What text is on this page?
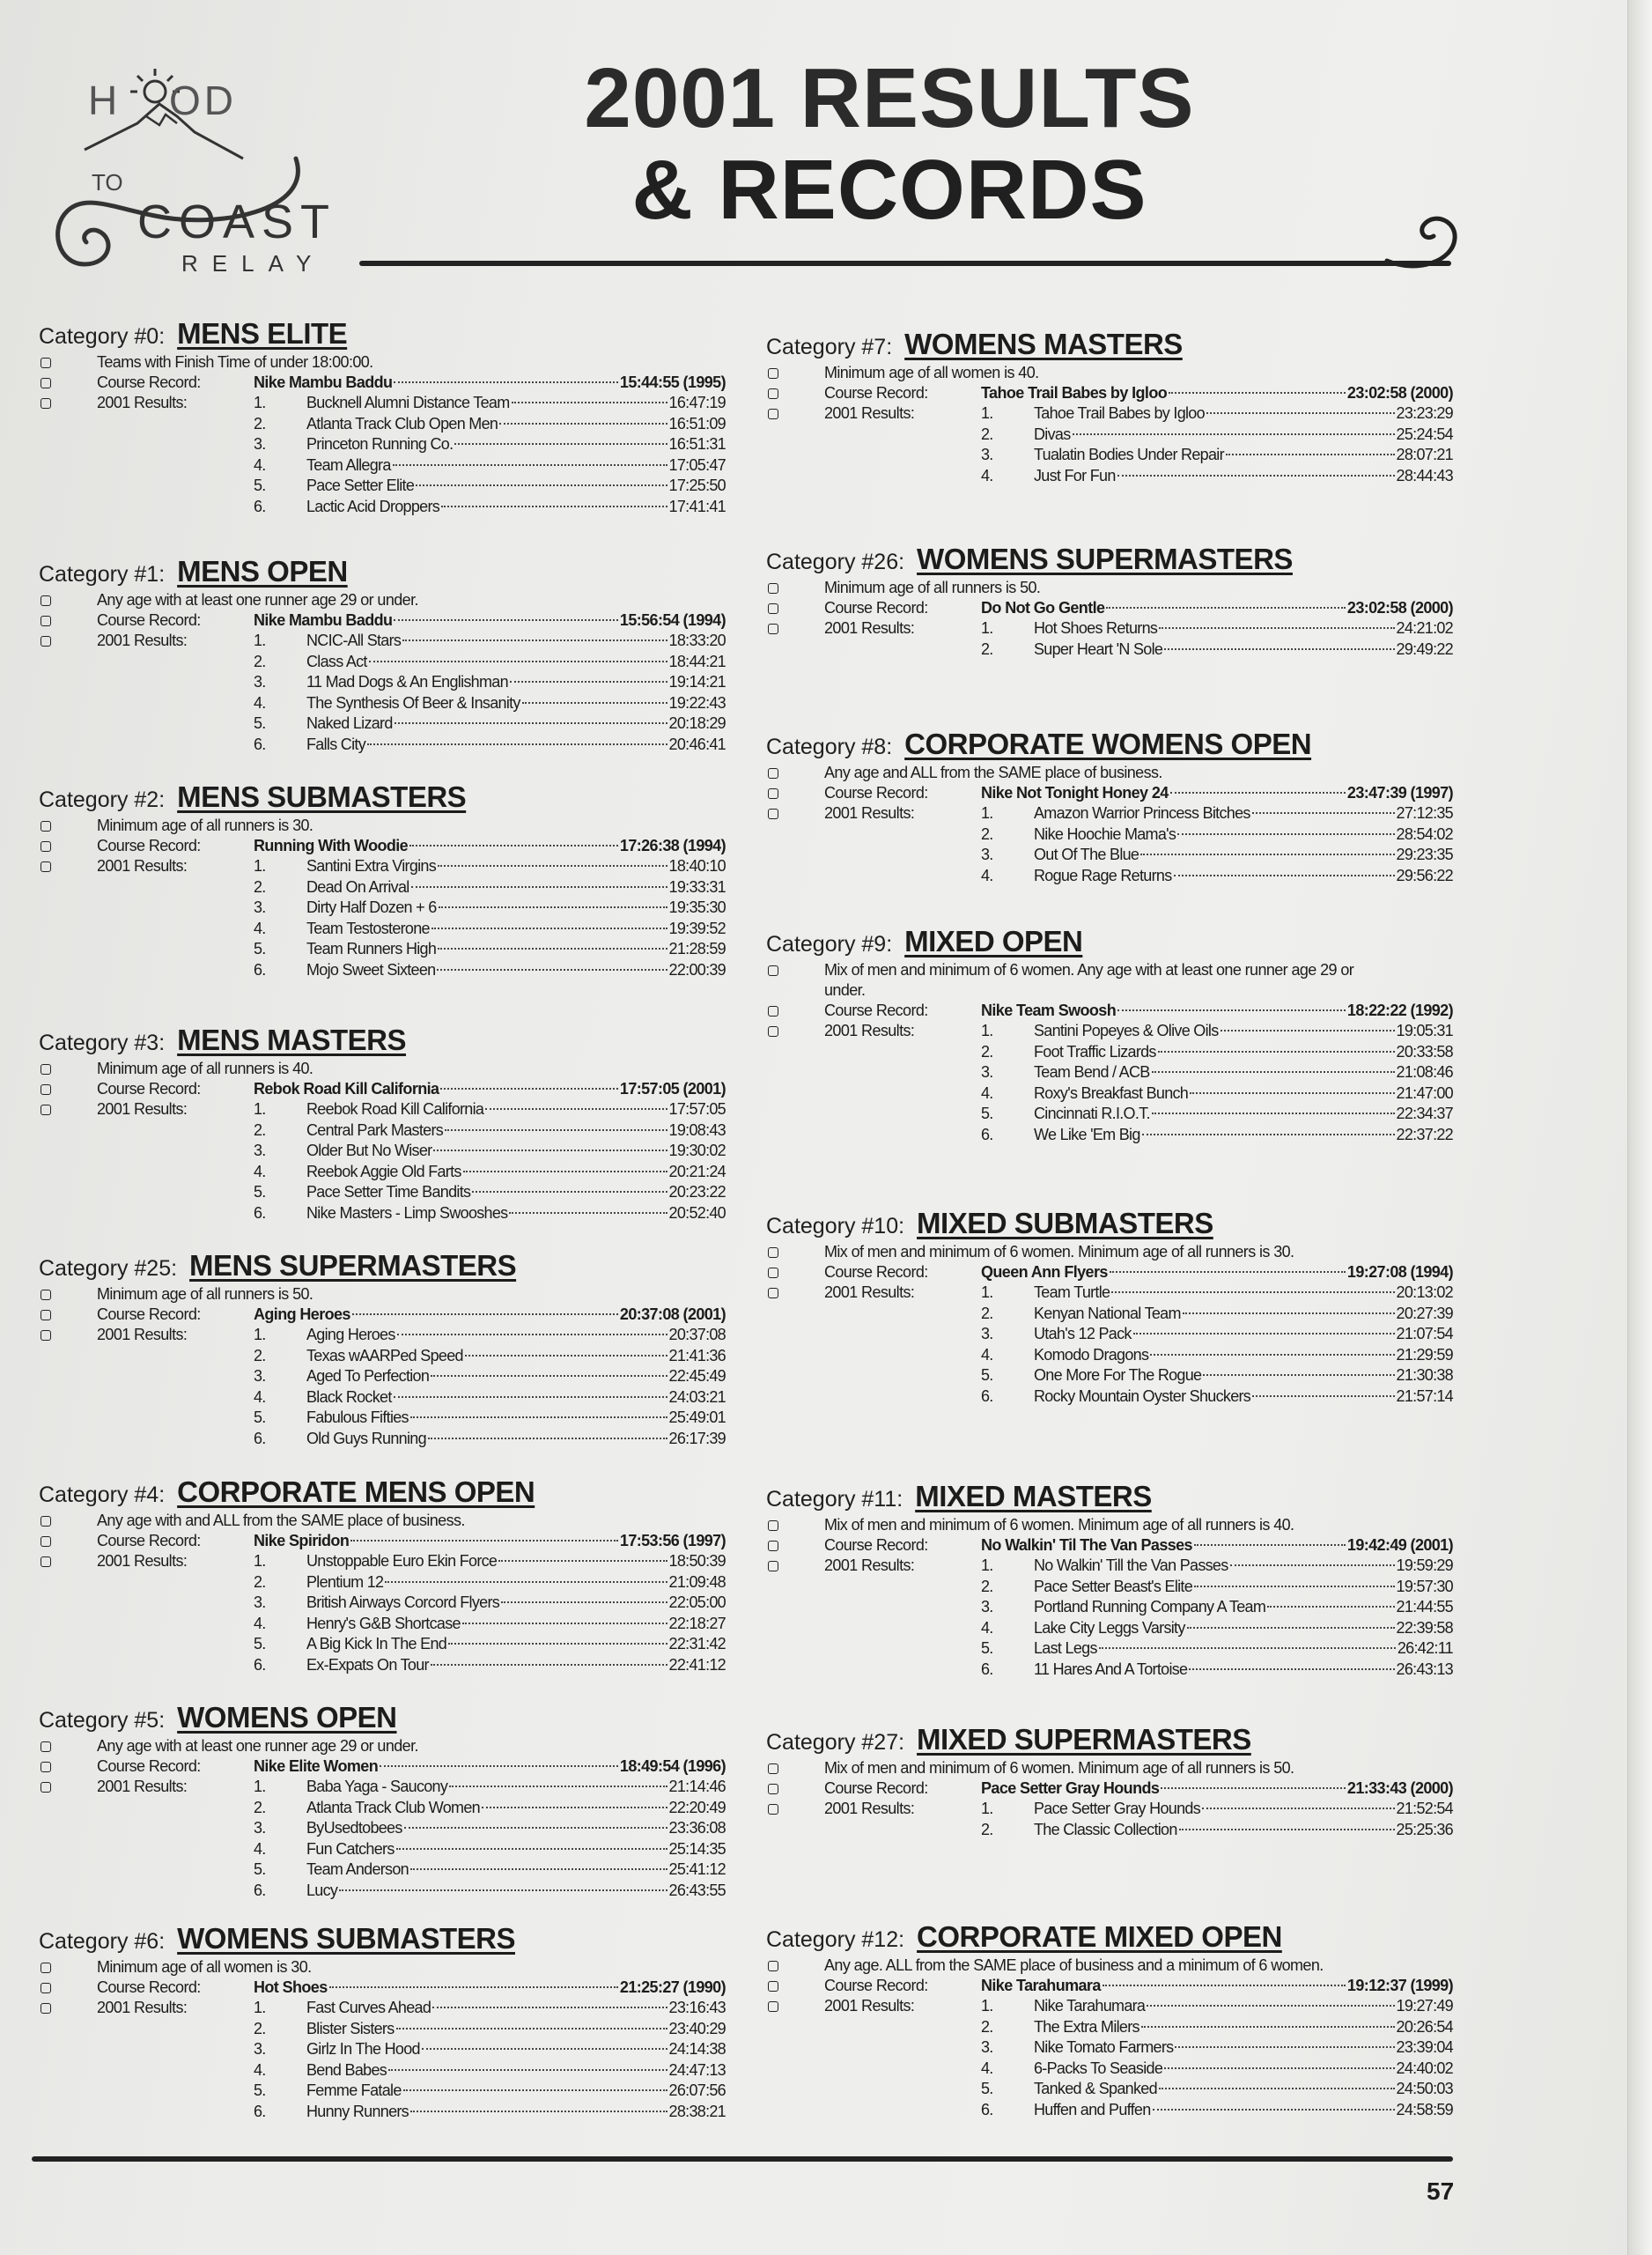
H OD
TO
COAST
RELAY
2001 RESULTS
& RECORDS
Category #0: MENS ELITE
Teams with Finish Time of under 18:00:00.
Course Record:	Nike Mambu Baddu	15:44:55 (1995)
2001 Results:	1.	Bucknell Alumni Distance Team	16:47:19
2.	Atlanta Track Club Open Men	16:51:09
3.	Princeton Running Co.	16:51:31
4.	Team Allegra	17:05:47
5.	Pace Setter Elite	17:25:50
6.	Lactic Acid Droppers	17:41:41
Category #1: MENS OPEN
Any age with at least one runner age 29 or under.
Course Record:	Nike Mambu Baddu	15:56:54 (1994)
2001 Results:	1.	NCIC-All Stars	18:33:20
2.	Class Act	18:44:21
3.	11 Mad Dogs & An Englishman	19:14:21
4.	The Synthesis Of Beer & Insanity	19:22:43
5.	Naked Lizard	20:18:29
6.	Falls City	20:46:41
Category #2: MENS SUBMASTERS
Minimum age of all runners is 30.
Course Record:	Running With Woodie	17:26:38 (1994)
2001 Results:	1.	Santini Extra Virgins	18:40:10
2.	Dead On Arrival	19:33:31
3.	Dirty Half Dozen + 6	19:35:30
4.	Team Testosterone	19:39:52
5.	Team Runners High	21:28:59
6.	Mojo Sweet Sixteen	22:00:39
Category #3: MENS MASTERS
Minimum age of all runners is 40.
Course Record:	Rebok Road Kill California	17:57:05 (2001)
2001 Results:	1.	Reebok Road Kill California	17:57:05
2.	Central Park Masters	19:08:43
3.	Older But No Wiser	19:30:02
4.	Reebok Aggie Old Farts	20:21:24
5.	Pace Setter Time Bandits	20:23:22
6.	Nike Masters - Limp Swooshes	20:52:40
Category #25: MENS SUPERMASTERS
Minimum age of all runners is 50.
Course Record:	Aging Heroes	20:37:08 (2001)
2001 Results:	1.	Aging Heroes	20:37:08
2.	Texas wAARPed Speed	21:41:36
3.	Aged To Perfection	22:45:49
4.	Black Rocket	24:03:21
5.	Fabulous Fifties	25:49:01
6.	Old Guys Running	26:17:39
Category #4: CORPORATE MENS OPEN
Any age with and ALL from the SAME place of business.
Course Record:	Nike Spiridon	17:53:56 (1997)
2001 Results:	1.	Unstoppable Euro Ekin Force	18:50:39
2.	Plentium 12	21:09:48
3.	British Airways Corcord Flyers	22:05:00
4.	Henry's G&B Shortcase	22:18:27
5.	A Big Kick In The End	22:31:42
6.	Ex-Expats On Tour	22:41:12
Category #5: WOMENS OPEN
Any age with at least one runner age 29 or under.
Course Record:	Nike Elite Women	18:49:54 (1996)
2001 Results:	1.	Baba Yaga - Saucony	21:14:46
2.	Atlanta Track Club Women	22:20:49
3.	ByUsedtobees	23:36:08
4.	Fun Catchers	25:14:35
5.	Team Anderson	25:41:12
6.	Lucy	26:43:55
Category #6: WOMENS SUBMASTERS
Minimum age of all women is 30.
Course Record:	Hot Shoes	21:25:27 (1990)
2001 Results:	1.	Fast Curves Ahead	23:16:43
2.	Blister Sisters	23:40:29
3.	Girlz In The Hood	24:14:38
4.	Bend Babes	24:47:13
5.	Femme Fatale	26:07:56
6.	Hunny Runners	28:38:21
Category #7: WOMENS MASTERS
Minimum age of all women is 40.
Course Record:	Tahoe Trail Babes by Igloo	23:02:58 (2000)
2001 Results:	1.	Tahoe Trail Babes by Igloo	23:23:29
2.	Divas	25:24:54
3.	Tualatin Bodies Under Repair	28:07:21
4.	Just For Fun	28:44:43
Category #26: WOMENS SUPERMASTERS
Minimum age of all runners is 50.
Course Record:	Do Not Go Gentle	23:02:58 (2000)
2001 Results:	1.	Hot Shoes Returns	24:21:02
2.	Super Heart 'N Sole	29:49:22
Category #8: CORPORATE WOMENS OPEN
Any age and ALL from the SAME place of business.
Course Record:	Nike Not Tonight Honey 24	23:47:39 (1997)
2001 Results:	1.	Amazon Warrior Princess Bitches	27:12:35
2.	Nike Hoochie Mama's	28:54:02
3.	Out Of The Blue	29:23:35
4.	Rogue Rage Returns	29:56:22
Category #9: MIXED OPEN
Mix of men and minimum of 6 women. Any age with at least one runner age 29 or
under.
Course Record:	Nike Team Swoosh	18:22:22 (1992)
2001 Results:	1.	Santini Popeyes & Olive Oils	19:05:31
2.	Foot Traffic Lizards	20:33:58
3.	Team Bend / ACB	21:08:46
4.	Roxy's Breakfast Bunch	21:47:00
5.	Cincinnati R.I.O.T.	22:34:37
6.	We Like 'Em Big	22:37:22
Category #10: MIXED SUBMASTERS
Mix of men and minimum of 6 women. Minimum age of all runners is 30.
Course Record:	Queen Ann Flyers	19:27:08 (1994)
2001 Results:	1.	Team Turtle	20:13:02
2.	Kenyan National Team	20:27:39
3.	Utah's 12 Pack	21:07:54
4.	Komodo Dragons	21:29:59
5.	One More For The Rogue	21:30:38
6.	Rocky Mountain Oyster Shuckers	21:57:14
Category #11: MIXED MASTERS
Mix of men and minimum of 6 women. Minimum age of all runners is 40.
Course Record:	No Walkin' Til The Van Passes	19:42:49 (2001)
2001 Results:	1.	No Walkin' Till the Van Passes	19:59:29
2.	Pace Setter Beast's Elite	19:57:30
3.	Portland Running Company A Team	21:44:55
4.	Lake City Leggs Varsity	22:39:58
5.	Last Legs	26:42:11
6.	11 Hares And A Tortoise	26:43:13
Category #27: MIXED SUPERMASTERS
Mix of men and minimum of 6 women. Minimum age of all runners is 50.
Course Record:	Pace Setter Gray Hounds	21:33:43 (2000)
2001 Results:	1.	Pace Setter Gray Hounds	21:52:54
2.	The Classic Collection	25:25:36
Category #12: CORPORATE MIXED OPEN
Any age. ALL from the SAME place of business and a minimum of 6 women.
Course Record:	Nike Tarahumara	19:12:37 (1999)
2001 Results:	1.	Nike Tarahumara	19:27:49
2.	The Extra Milers	20:26:54
3.	Nike Tomato Farmers	23:39:04
4.	6-Packs To Seaside	24:40:02
5.	Tanked & Spanked	24:50:03
6.	Huffen and Puffen	24:58:59
57
